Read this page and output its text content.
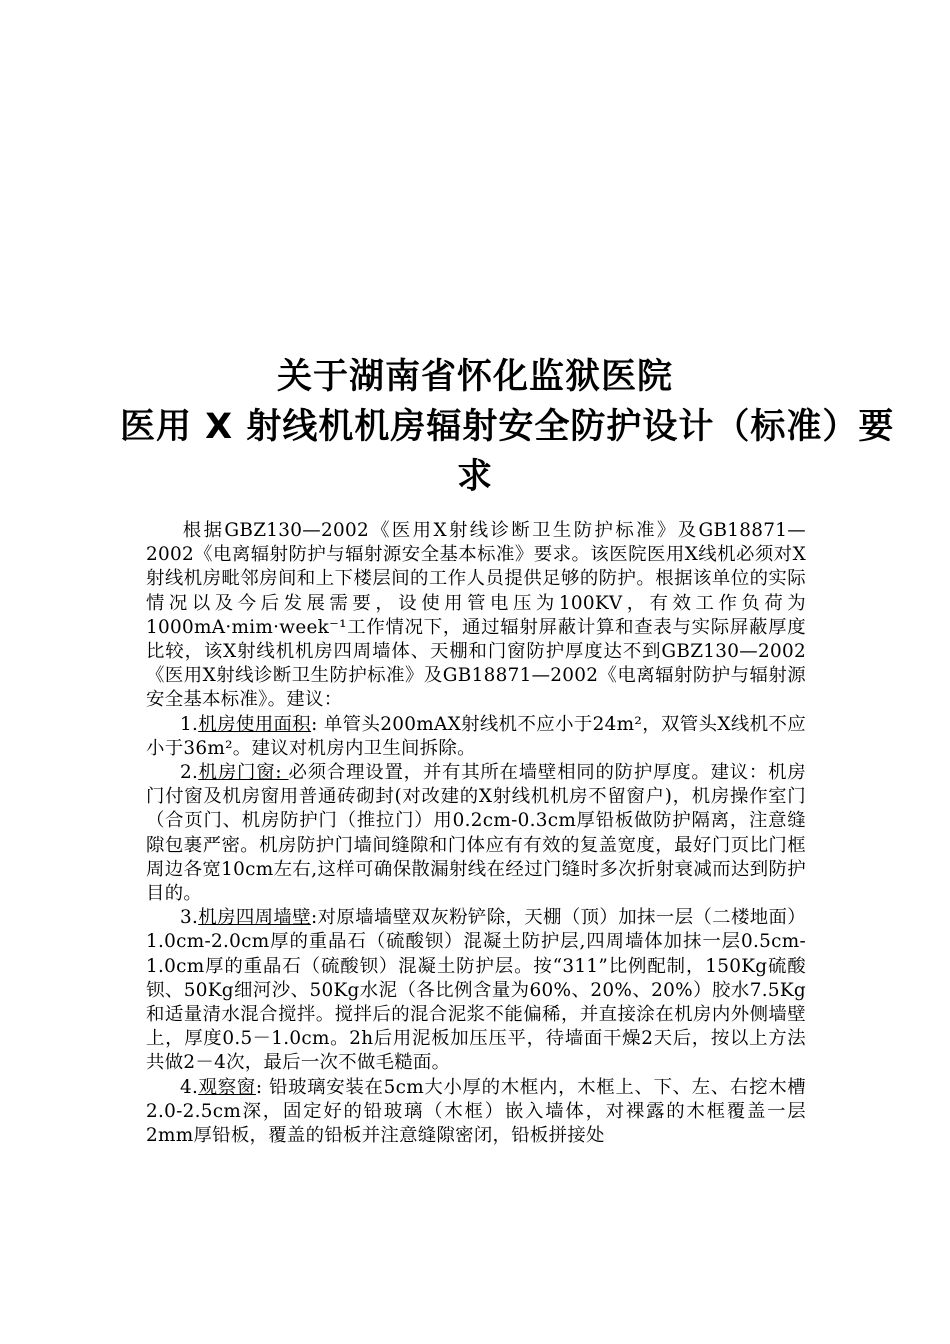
关于湖南省怀化监狱医院
医用 X 射线机机房辐射安全防护设计（标准）要
求

根据GBZ130—2002《医用X射线诊断卫生防护标准》及GB18871—2002《电离辐射防护与辐射源安全基本标准》要求。该医院医用X线机必须对X射线机房毗邻房间和上下楼层间的工作人员提供足够的防护。根据该单位的实际情况以及今后发展需要，设使用管电压为100KV，有效工作负荷为1000mA·mim·week⁻¹工作情况下，通过辐射屏蔽计算和查表与实际屏蔽厚度比较，该X射线机机房四周墙体、天棚和门窗防护厚度达不到GBZ130—2002《医用X射线诊断卫生防护标准》及GB18871—2002《电离辐射防护与辐射源安全基本标准》。建议：

1.机房使用面积: 单管头200mAX射线机不应小于24m²，双管头X线机不应小于36m²。建议对机房内卫生间拆除。

2.机房门窗: 必须合理设置，并有其所在墙壁相同的防护厚度。建议：机房门付窗及机房窗用普通砖砌封(对改建的X射线机机房不留窗户)，机房操作室门（合页门、机房防护门（推拉门）用0.2cm-0.3cm厚铅板做防护隔离，注意缝隙包裹严密。机房防护门墙间缝隙和门体应有有效的复盖宽度，最好门页比门框周边各宽10cm左右,这样可确保散漏射线在经过门缝时多次折射衰减而达到防护目的。

3.机房四周墙壁:对原墙墙壁双灰粉铲除，天棚（顶）加抹一层（二楼地面）1.0cm-2.0cm厚的重晶石（硫酸钡）混凝土防护层,四周墙体加抹一层0.5cm-1.0cm厚的重晶石（硫酸钡）混凝土防护层。按“311”比例配制，150Kg硫酸钡、50Kg细河沙、50Kg水泥（各比例含量为60%、20%、20%）胶水7.5Kg和适量清水混合搅拌。搅拌后的混合泥浆不能偏稀，并直接涂在机房内外侧墙壁上，厚度0.5－1.0cm。2h后用泥板加压压平，待墙面干燥2天后，按以上方法共做2－4次，最后一次不做毛糙面。

4.观察窗: 铅玻璃安装在5cm大小厚的木框内，木框上、下、左、右挖木槽2.0-2.5cm深，固定好的铅玻璃（木框）嵌入墙体，对裸露的木框覆盖一层2mm厚铅板，覆盖的铅板并注意缝隙密闭，铅板拼接处
